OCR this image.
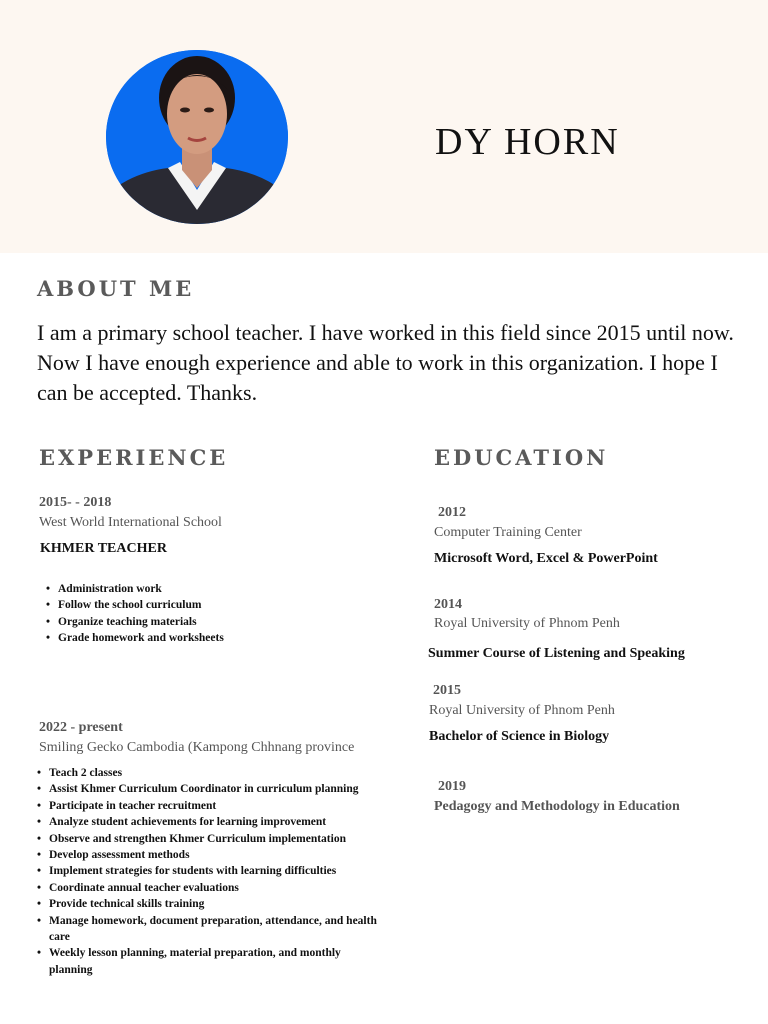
DY HORN
ABOUT ME
I am a primary school teacher. I have worked in this field since 2015 until now. Now I have enough experience and able to work in this organization. I hope I can be accepted. Thanks.
EXPERIENCE	EDUCATION
2015- - 2018
West World International School
KHMER TEACHER
• Administration work
• Follow the school curriculum
• Organize teaching materials
• Grade homework and worksheets
2022 - present
Smiling Gecko Cambodia (Kampong Chhnang province
• Teach 2 classes
• Assist Khmer Curriculum Coordinator in curriculum planning
• Participate in teacher recruitment
• Analyze student achievements for learning improvement
• Observe and strengthen Khmer Curriculum implementation
• Develop assessment methods
• Implement strategies for students with learning difficulties
• Coordinate annual teacher evaluations
• Provide technical skills training
• Manage homework, document preparation, attendance, and health care
• Weekly lesson planning, material preparation, and monthly planning
2012
Computer Training Center
Microsoft Word, Excel & PowerPoint
2014
Royal University of Phnom Penh
Summer Course of Listening and Speaking
2015
Royal University of Phnom Penh
Bachelor of Science in Biology
2019
Pedagogy and Methodology in Education
